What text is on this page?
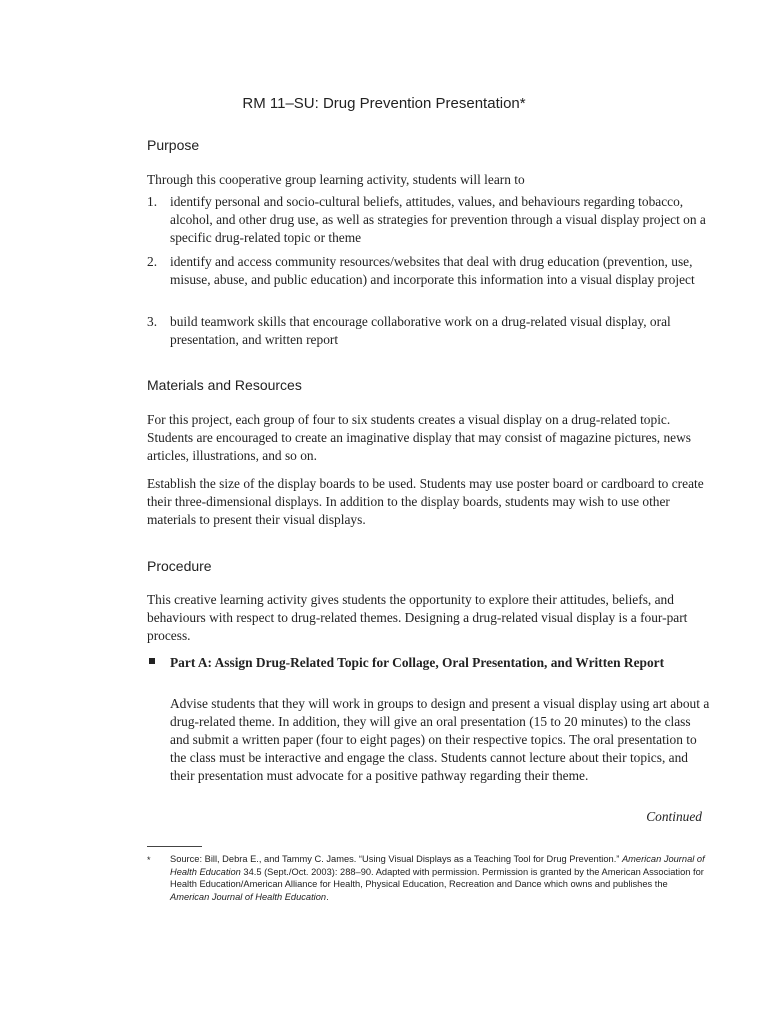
RM 11–SU: Drug Prevention Presentation*
Purpose

Through this cooperative group learning activity, students will learn to

1. identify personal and socio-cultural beliefs, attitudes, values, and behaviours regarding tobacco, alcohol, and other drug use, as well as strategies for prevention through a visual display project on a specific drug-related topic or theme
2. identify and access community resources/websites that deal with drug education (prevention, use, misuse, abuse, and public education) and incorporate this information into a visual display project
3. build teamwork skills that encourage collaborative work on a drug-related visual display, oral presentation, and written report
Materials and Resources

For this project, each group of four to six students creates a visual display on a drug-related topic. Students are encouraged to create an imaginative display that may consist of magazine pictures, news articles, illustrations, and so on.

Establish the size of the display boards to be used. Students may use poster board or cardboard to create their three-dimensional displays. In addition to the display boards, students may wish to use other materials to present their visual displays.

Procedure

This creative learning activity gives students the opportunity to explore their attitudes, beliefs, and behaviours with respect to drug-related themes. Designing a drug-related visual display is a four-part process.

Part A: Assign Drug-Related Topic for Collage, Oral Presentation, and Written Report
Advise students that they will work in groups to design and present a visual display using art about a drug-related theme. In addition, they will give an oral presentation (15 to 20 minutes) to the class and submit a written paper (four to eight pages) on their respective topics. The oral presentation to the class must be interactive and engage the class. Students cannot lecture about their topics, and their presentation must advocate for a positive pathway regarding their theme.
Continued
* Source: Bill, Debra E., and Tammy C. James. “Using Visual Displays as a Teaching Tool for Drug Prevention.” American Journal of Health Education 34.5 (Sept./Oct. 2003): 288–90. Adapted with permission. Permission is granted by the American Association for Health Education/American Alliance for Health, Physical Education, Recreation and Dance which owns and publishes the American Journal of Health Education.
